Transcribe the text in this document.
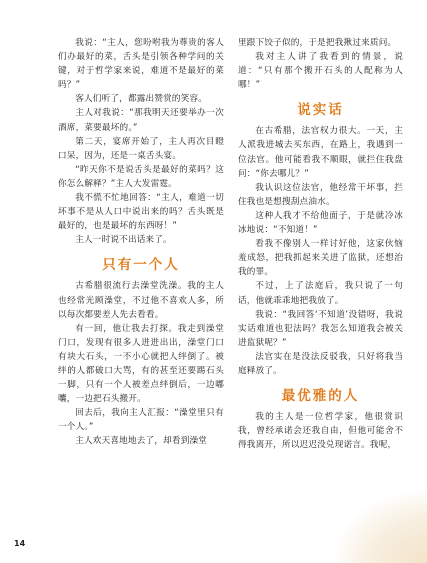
我说：“主人，您吩咐我为尊贵的客人们办最好的菜，舌头是引领各种学问的关键，对于哲学家来说，难道不是最好的菜吗？”
客人们听了，都露出赞赏的笑容。
主人对我说：“那我明天还要举办一次酒席，菜要最坏的。”
第二天，宴席开始了，主人再次目瞪口呆，因为，还是一桌舌头宴。
“昨天你不是说舌头是最好的菜吗？这你怎么解释？”主人大发雷霆。
我不慌不忙地回答：“主人，难道一切坏事不是从人口中说出来的吗？舌头既是最好的，也是最坏的东西呀！”
主人一时说不出话来了。
只有一个人
古希腊很流行去澡堂洗澡。我的主人也经常光顾澡堂，不过他不喜欢人多，所以每次都要差人先去看看。
有一回，他让我去打探。我走到澡堂门口，发现有很多人进进出出，澡堂门口有块大石头，一不小心就把人绊倒了。被绊的人都破口大骂，有的甚至还要踢石头一脚，只有一个人被差点绊倒后，一边嘟囔，一边把石头搬开。
回去后，我向主人汇报：“澡堂里只有一个人。”
主人欢天喜地地去了，却看到澡堂
里跟下饺子似的，于是把我揪过来质问。
我对主人讲了我看到的情景，说道：“只有那个搬开石头的人配称为人哪！”
说实话
在古希腊，法官权力很大。一天，主人派我进城去买东西，在路上，我遇到一位法官。他可能看我不顺眼，就拦住我盘问：“你去哪儿？”
我认识这位法官，他经常干坏事，拦住我也是想搜刮点油水。
这种人我才不给他面子，于是就冷冰冰地说：“不知道！”
看我不像别人一样讨好他，这家伙恼羞成怒，把我抓起来关进了监狱，还想治我的罪。
不过，上了法庭后，我只说了一句话，他就乖乖地把我放了。
我说：“我回答‘不知道’没错呀，我说实话难道也犯法吗？我怎么知道我会被关进监狱呢？”
法官实在是没法反驳我，只好将我当庭释放了。
最优雅的人
我的主人是一位哲学家，他很赏识我，曾经承诺会还我自由，但他可能舍不得我离开，所以迟迟没兑现诺言。我呢，
14
